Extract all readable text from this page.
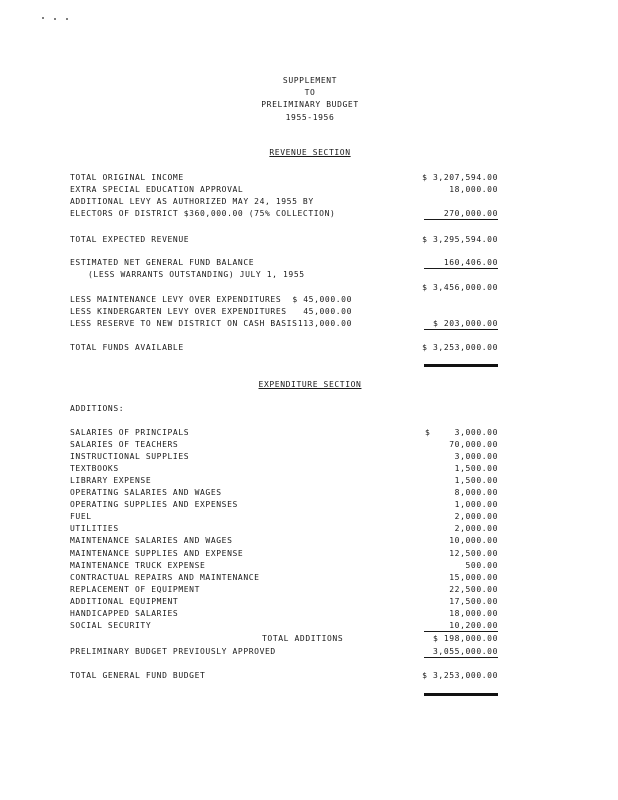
SUPPLEMENT
TO
PRELIMINARY BUDGET
1955-1956
REVENUE SECTION
TOTAL ORIGINAL INCOME	$ 3,207,594.00
EXTRA SPECIAL EDUCATION APPROVAL	18,000.00
ADDITIONAL LEVY AS AUTHORIZED MAY 24, 1955 BY
ELECTORS OF DISTRICT $360,000.00 (75% COLLECTION)	270,000.00
TOTAL EXPECTED REVENUE	$ 3,295,594.00
ESTIMATED NET GENERAL FUND BALANCE	160,406.00
(LESS WARRANTS OUTSTANDING) JULY 1, 1955
$ 3,456,000.00
LESS MAINTENANCE LEVY OVER EXPENDITURES	$ 45,000.00
LESS KINDERGARTEN LEVY OVER EXPENDITURES	45,000.00
LESS RESERVE TO NEW DISTRICT ON CASH BASIS 113,000.00	$ 203,000.00
TOTAL FUNDS AVAILABLE	$ 3,253,000.00
EXPENDITURE SECTION
ADDITIONS:
SALARIES OF PRINCIPALS	$	3,000.00
SALARIES OF TEACHERS	70,000.00
INSTRUCTIONAL SUPPLIES	3,000.00
TEXTBOOKS	1,500.00
LIBRARY EXPENSE	1,500.00
OPERATING SALARIES AND WAGES	8,000.00
OPERATING SUPPLIES AND EXPENSES	1,000.00
FUEL	2,000.00
UTILITIES	2,000.00
MAINTENANCE SALARIES AND WAGES	10,000.00
MAINTENANCE SUPPLIES AND EXPENSE	12,500.00
MAINTENANCE TRUCK EXPENSE	500.00
CONTRACTUAL REPAIRS AND MAINTENANCE	15,000.00
REPLACEMENT OF EQUIPMENT	22,500.00
ADDITIONAL EQUIPMENT	17,500.00
HANDICAPPED SALARIES	18,000.00
SOCIAL SECURITY	10,200.00
TOTAL ADDITIONS	$ 198,000.00
PRELIMINARY BUDGET PREVIOUSLY APPROVED	3,055,000.00
TOTAL GENERAL FUND BUDGET	$ 3,253,000.00
